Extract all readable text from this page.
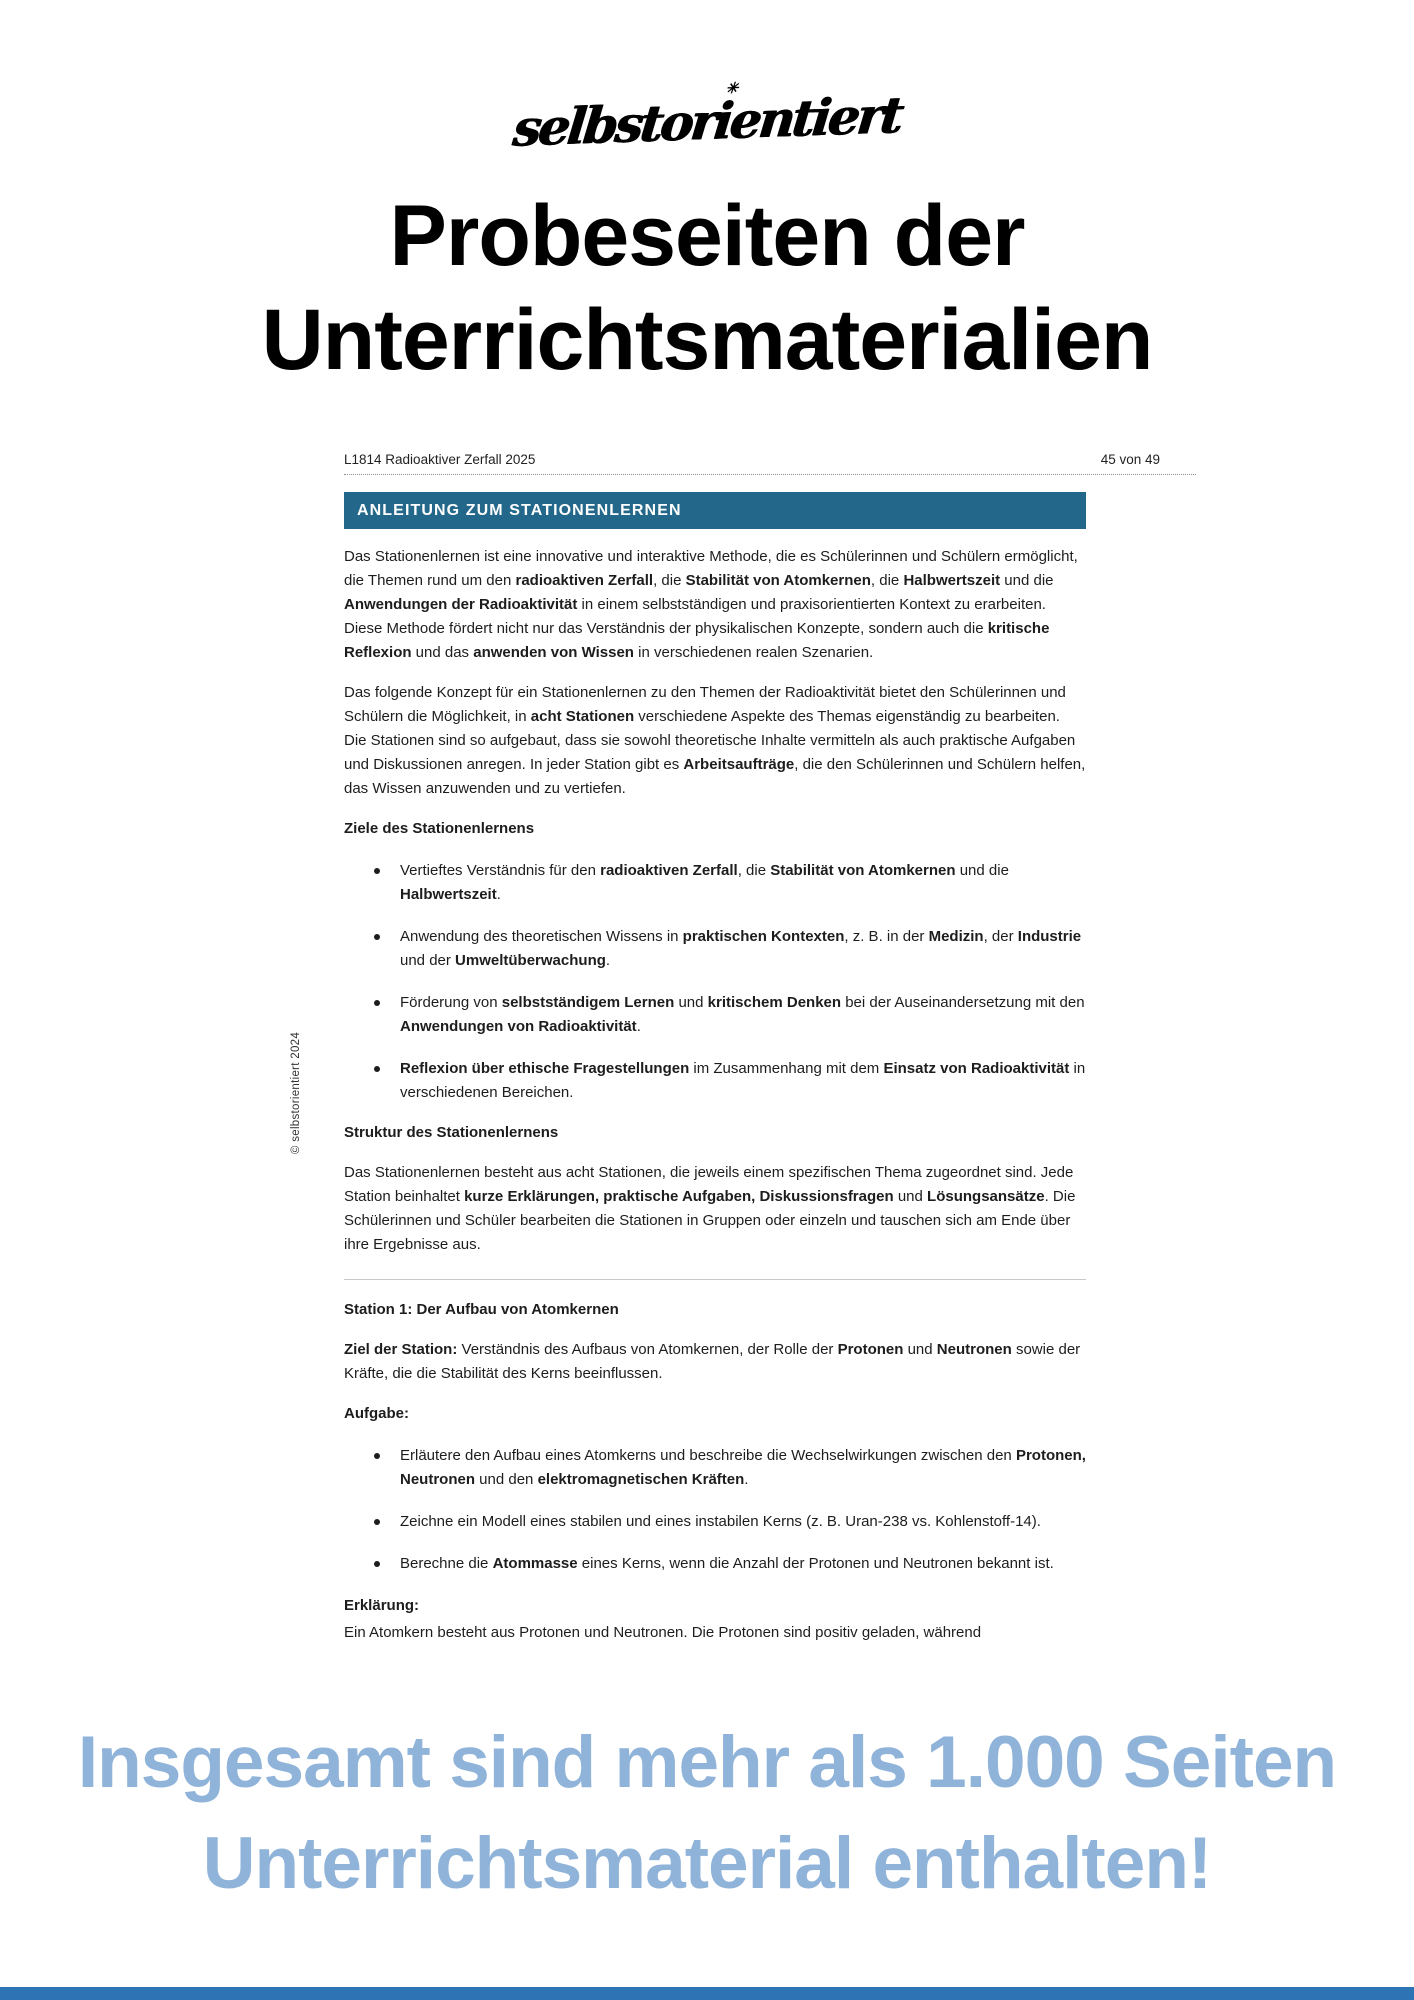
selbstorientiert ✳
Probeseiten der
Unterrichtsmaterialien
© selbstorientiert 2024
L1814 Radioaktiver Zerfall 2025	45 von 49
ANLEITUNG ZUM STATIONENLERNEN

Das Stationenlernen ist eine innovative und interaktive Methode, die es Schülerinnen und Schülern ermöglicht, die Themen rund um den radioaktiven Zerfall, die Stabilität von Atomkernen, die Halbwertszeit und die Anwendungen der Radioaktivität in einem selbstständigen und praxisorientierten Kontext zu erarbeiten. Diese Methode fördert nicht nur das Verständnis der physikalischen Konzepte, sondern auch die kritische Reflexion und das anwenden von Wissen in verschiedenen realen Szenarien.

Das folgende Konzept für ein Stationenlernen zu den Themen der Radioaktivität bietet den Schülerinnen und Schülern die Möglichkeit, in acht Stationen verschiedene Aspekte des Themas eigenständig zu bearbeiten. Die Stationen sind so aufgebaut, dass sie sowohl theoretische Inhalte vermitteln als auch praktische Aufgaben und Diskussionen anregen. In jeder Station gibt es Arbeitsaufträge, die den Schülerinnen und Schülern helfen, das Wissen anzuwenden und zu vertiefen.

Ziele des Stationenlernens

Vertieftes Verständnis für den radioaktiven Zerfall, die Stabilität von Atomkernen und die Halbwertszeit.
Anwendung des theoretischen Wissens in praktischen Kontexten, z. B. in der Medizin, der Industrie und der Umweltüberwachung.
Förderung von selbstständigem Lernen und kritischem Denken bei der Auseinandersetzung mit den Anwendungen von Radioaktivität.
Reflexion über ethische Fragestellungen im Zusammenhang mit dem Einsatz von Radioaktivität in verschiedenen Bereichen.

Struktur des Stationenlernens

Das Stationenlernen besteht aus acht Stationen, die jeweils einem spezifischen Thema zugeordnet sind. Jede Station beinhaltet kurze Erklärungen, praktische Aufgaben, Diskussionsfragen und Lösungsansätze. Die Schülerinnen und Schüler bearbeiten die Stationen in Gruppen oder einzeln und tauschen sich am Ende über ihre Ergebnisse aus.

Station 1: Der Aufbau von Atomkernen

Ziel der Station: Verständnis des Aufbaus von Atomkernen, der Rolle der Protonen und Neutronen sowie der Kräfte, die die Stabilität des Kerns beeinflussen.

Aufgabe:

Erläutere den Aufbau eines Atomkerns und beschreibe die Wechselwirkungen zwischen den Protonen, Neutronen und den elektromagnetischen Kräften.
Zeichne ein Modell eines stabilen und eines instabilen Kerns (z. B. Uran-238 vs. Kohlenstoff-14).
Berechne die Atommasse eines Kerns, wenn die Anzahl der Protonen und Neutronen bekannt ist.

Erklärung:

Ein Atomkern besteht aus Protonen und Neutronen. Die Protonen sind positiv geladen, während

Insgesamt sind mehr als 1.000 Seiten
Unterrichtsmaterial enthalten!
